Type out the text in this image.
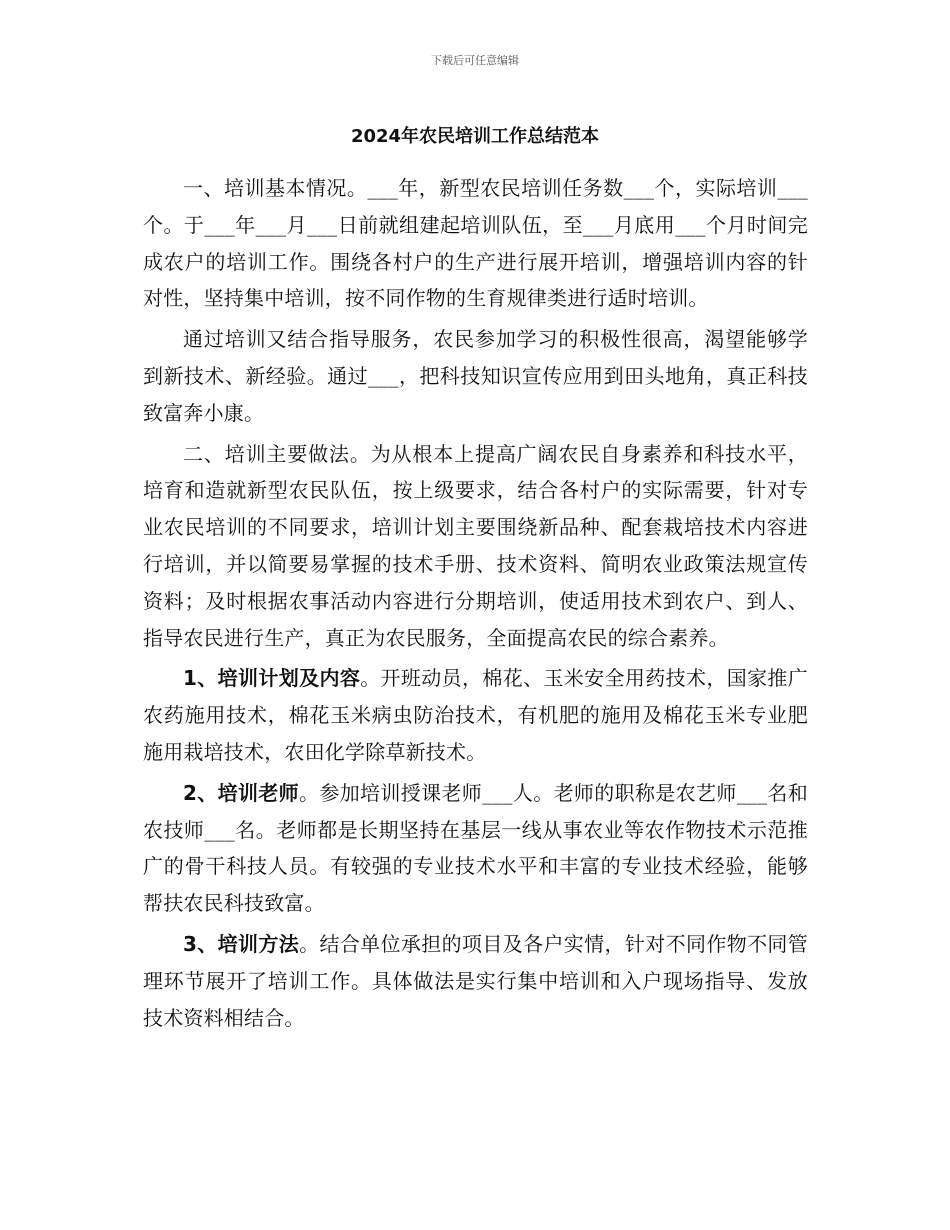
下载后可任意编辑
2024年农民培训工作总结范本

一、培训基本情况。___年，新型农民培训任务数___个，实际培训___个。于___年___月___日前就组建起培训队伍，至___月底用___个月时间完成农户的培训工作。围绕各村户的生产进行展开培训，增强培训内容的针对性，坚持集中培训，按不同作物的生育规律类进行适时培训。

通过培训又结合指导服务，农民参加学习的积极性很高，渴望能够学到新技术、新经验。通过___，把科技知识宣传应用到田头地角，真正科技致富奔小康。

二、培训主要做法。为从根本上提高广阔农民自身素养和科技水平，培育和造就新型农民队伍，按上级要求，结合各村户的实际需要，针对专业农民培训的不同要求，培训计划主要围绕新品种、配套栽培技术内容进行培训，并以简要易掌握的技术手册、技术资料、简明农业政策法规宣传资料；及时根据农事活动内容进行分期培训，使适用技术到农户、到人、指导农民进行生产，真正为农民服务，全面提高农民的综合素养。

1、培训计划及内容。开班动员，棉花、玉米安全用药技术，国家推广农药施用技术，棉花玉米病虫防治技术，有机肥的施用及棉花玉米专业肥施用栽培技术，农田化学除草新技术。

2、培训老师。参加培训授课老师___人。老师的职称是农艺师___名和农技师___名。老师都是长期坚持在基层一线从事农业等农作物技术示范推广的骨干科技人员。有较强的专业技术水平和丰富的专业技术经验，能够帮扶农民科技致富。

3、培训方法。结合单位承担的项目及各户实情，针对不同作物不同管理环节展开了培训工作。具体做法是实行集中培训和入户现场指导、发放技术资料相结合。
